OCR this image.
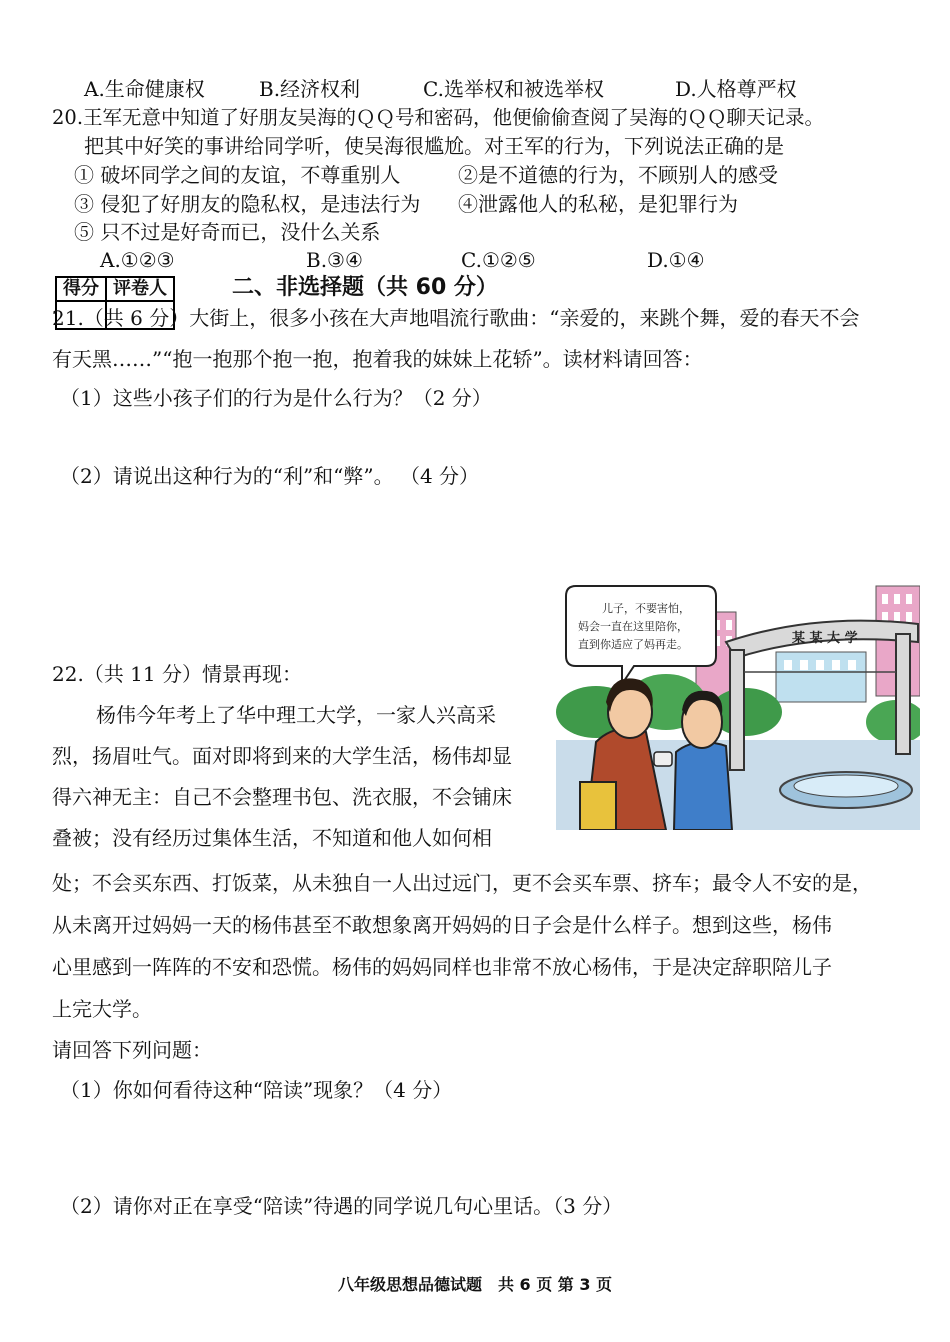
A.生命健康权	B.经济权利	C.选举权和被选举权	D.人格尊严权
20.王军无意中知道了好朋友吴海的ＱＱ号和密码，他便偷偷查阅了吴海的ＱＱ聊天记录。
把其中好笑的事讲给同学听，使吴海很尴尬。对王军的行为，下列说法正确的是
① 破坏同学之间的友谊，不尊重别人	②是不道德的行为，不顾别人的感受
③ 侵犯了好朋友的隐私权，是违法行为 ④泄露他人的私秘，是犯罪行为
⑤ 只不过是好奇而已，没什么关系
A.①②③	B.③④	C.①②⑤	D.①④
得分	评卷人
		二、非选择题（共 60 分）
21.（共 6 分）大街上，很多小孩在大声地唱流行歌曲：“亲爱的，来跳个舞，爱的春天不会
有天黑……”“抱一抱那个抱一抱，抱着我的妹妹上花轿”。读材料请回答：
（1）这些小孩子们的行为是什么行为？（2 分）
（2）请说出这种行为的“利”和“弊”。 （4 分）
22.（共 11 分）情景再现：
杨伟今年考上了华中理工大学，一家人兴高采
烈，扬眉吐气。面对即将到来的大学生活，杨伟却显
得六神无主：自己不会整理书包、洗衣服，不会铺床
叠被；没有经历过集体生活，不知道和他人如何相
处；不会买东西、打饭菜，从未独自一人出过远门，更不会买车票、挤车；最令人不安的是，
从未离开过妈妈一天的杨伟甚至不敢想象离开妈妈的日子会是什么样子。想到这些，杨伟
心里感到一阵阵的不安和恐慌。杨伟的妈妈同样也非常不放心杨伟，于是决定辞职陪儿子
上完大学。
请回答下列问题：
（1）你如何看待这种“陪读”现象？（4 分）
（2）请你对正在享受“陪读”待遇的同学说几句心里话。（3 分）
某 某 大 学
儿子，不要害怕，
妈会一直在这里陪你，
直到你适应了妈再走。
八年级思想品德试题　共 6 页 第 3 页
